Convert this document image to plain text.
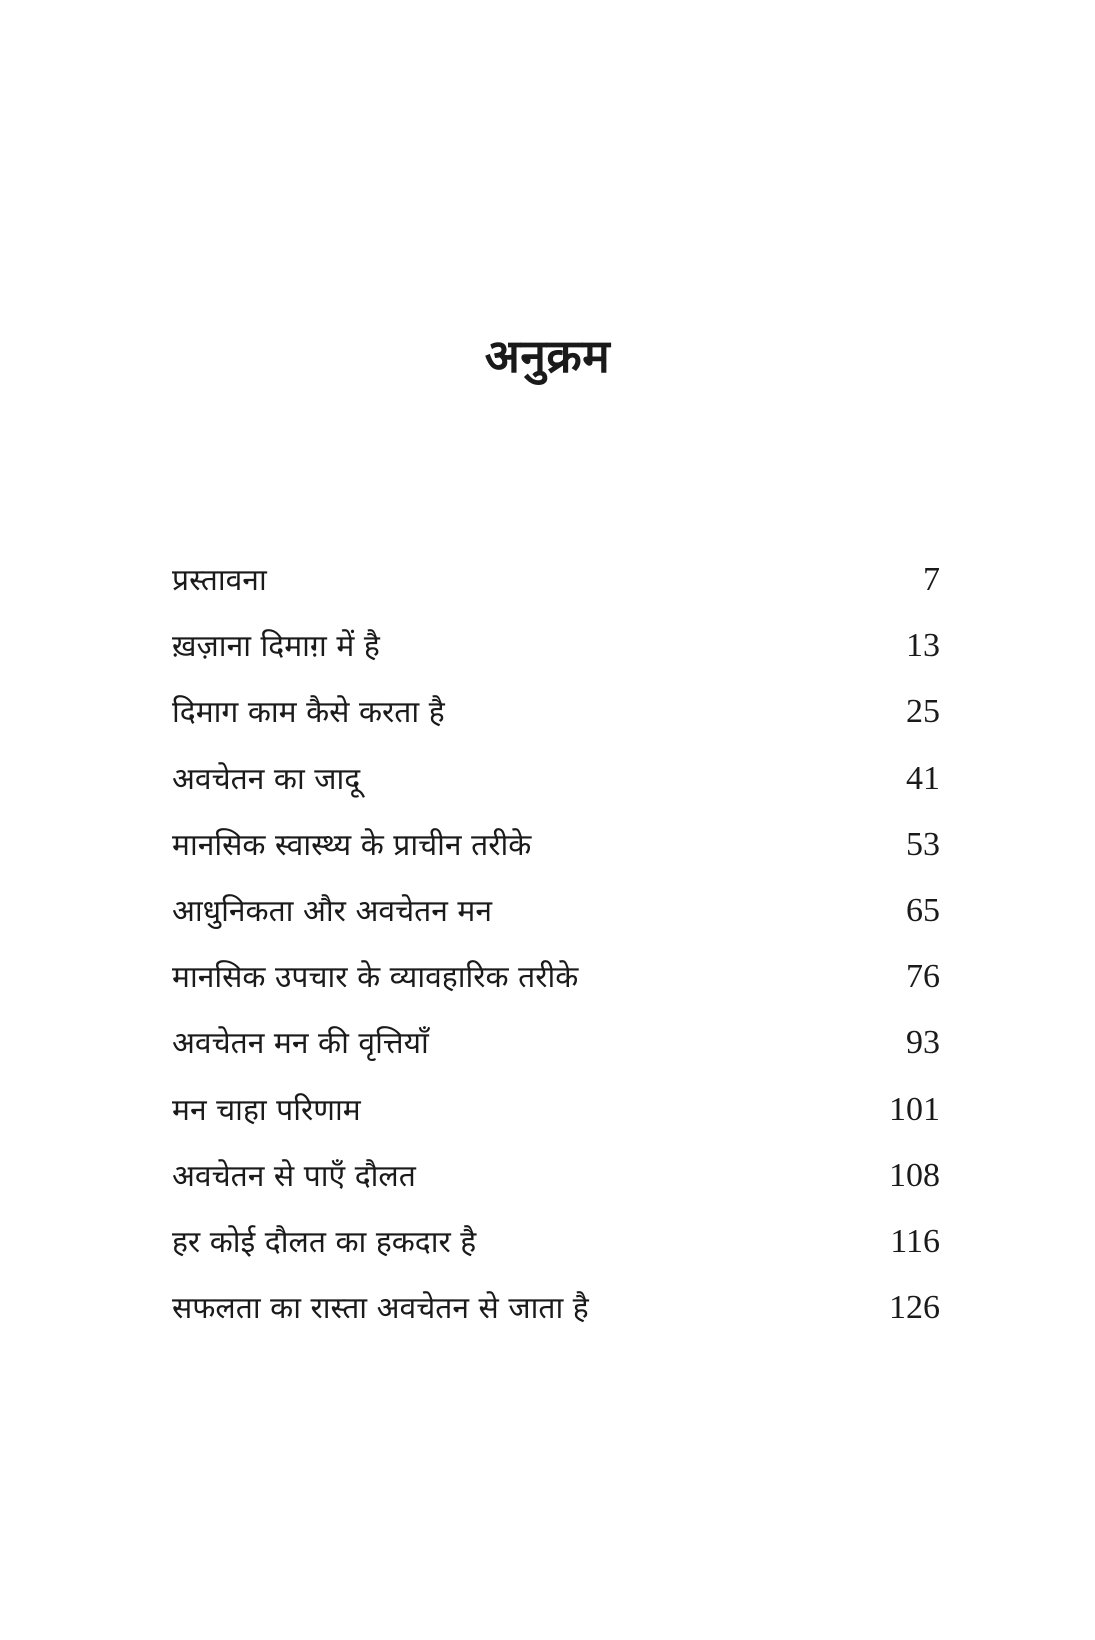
अनुक्रम
प्रस्तावना	7
ख़ज़ाना दिमाग़ में है	13
दिमाग काम कैसे करता है	25
अवचेतन का जादू	41
मानसिक स्वास्थ्य के प्राचीन तरीके	53
आधुनिकता और अवचेतन मन	65
मानसिक उपचार के व्यावहारिक तरीके	76
अवचेतन मन की वृत्तियाँ	93
मन चाहा परिणाम	101
अवचेतन से पाएँ दौलत	108
हर कोई दौलत का हकदार है	116
सफलता का रास्ता अवचेतन से जाता है	126
